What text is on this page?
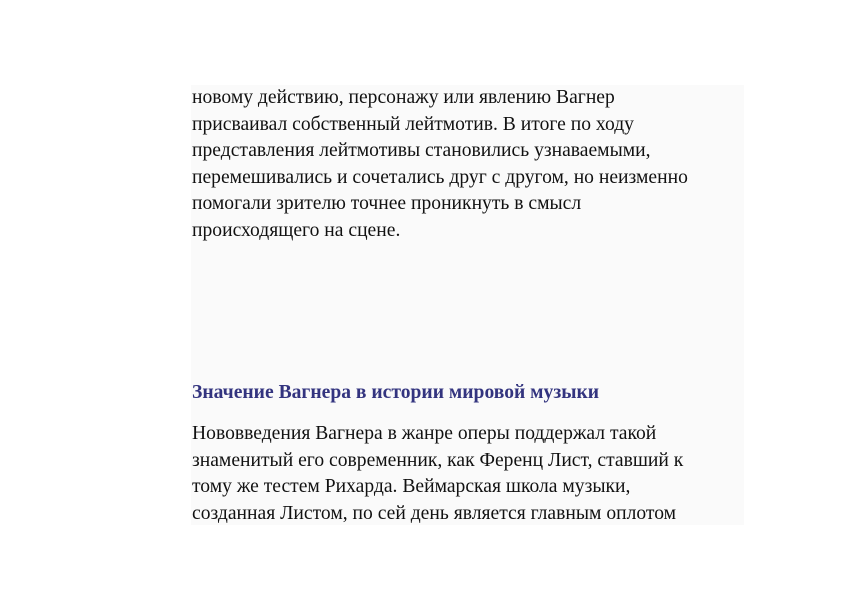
новому действию, персонажу или явлению Вагнер
присваивал собственный лейтмотив. В итоге по ходу
представления лейтмотивы становились узнаваемыми,
перемешивались и сочетались друг с другом, но неизменно
помогали зрителю точнее проникнуть в смысл
происходящего на сцене.

Значение Вагнера в истории мировой музыки

Нововведения Вагнера в жанре оперы поддержал такой
знаменитый его современник, как Ференц Лист, ставший к
тому же тестем Рихарда. Веймарская школа музыки,
созданная Листом, по сей день является главным оплотом
